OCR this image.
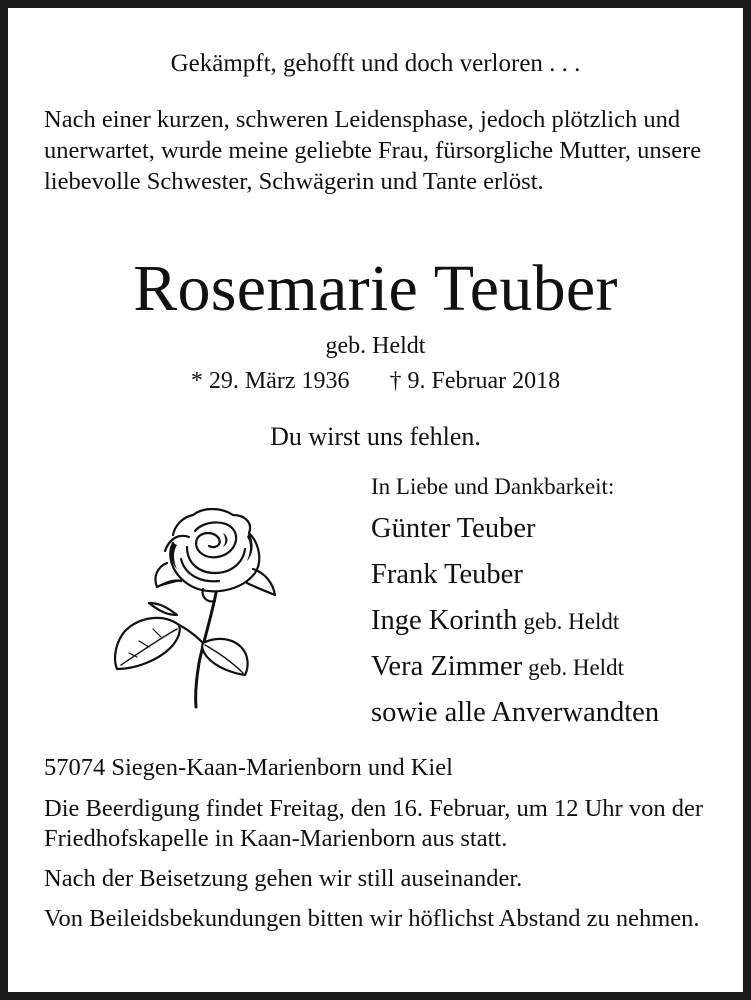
Gekämpft, gehofft und doch verloren . . .
Nach einer kurzen, schweren Leidensphase, jedoch plötzlich und unerwartet, wurde meine geliebte Frau, fürsorgliche Mutter, unsere liebevolle Schwester, Schwägerin und Tante erlöst.
Rosemarie Teuber
geb. Heldt
* 29. März 1936 † 9. Februar 2018
Du wirst uns fehlen.
In Liebe und Dankbarkeit:
Günter Teuber
Frank Teuber
Inge Korinth geb. Heldt
Vera Zimmer geb. Heldt
sowie alle Anverwandten
57074 Siegen-Kaan-Marienborn und Kiel
Die Beerdigung findet Freitag, den 16. Februar, um 12 Uhr von der Friedhofskapelle in Kaan-Marienborn aus statt.
Nach der Beisetzung gehen wir still auseinander.
Von Beileidsbekundungen bitten wir höflichst Abstand zu nehmen.
